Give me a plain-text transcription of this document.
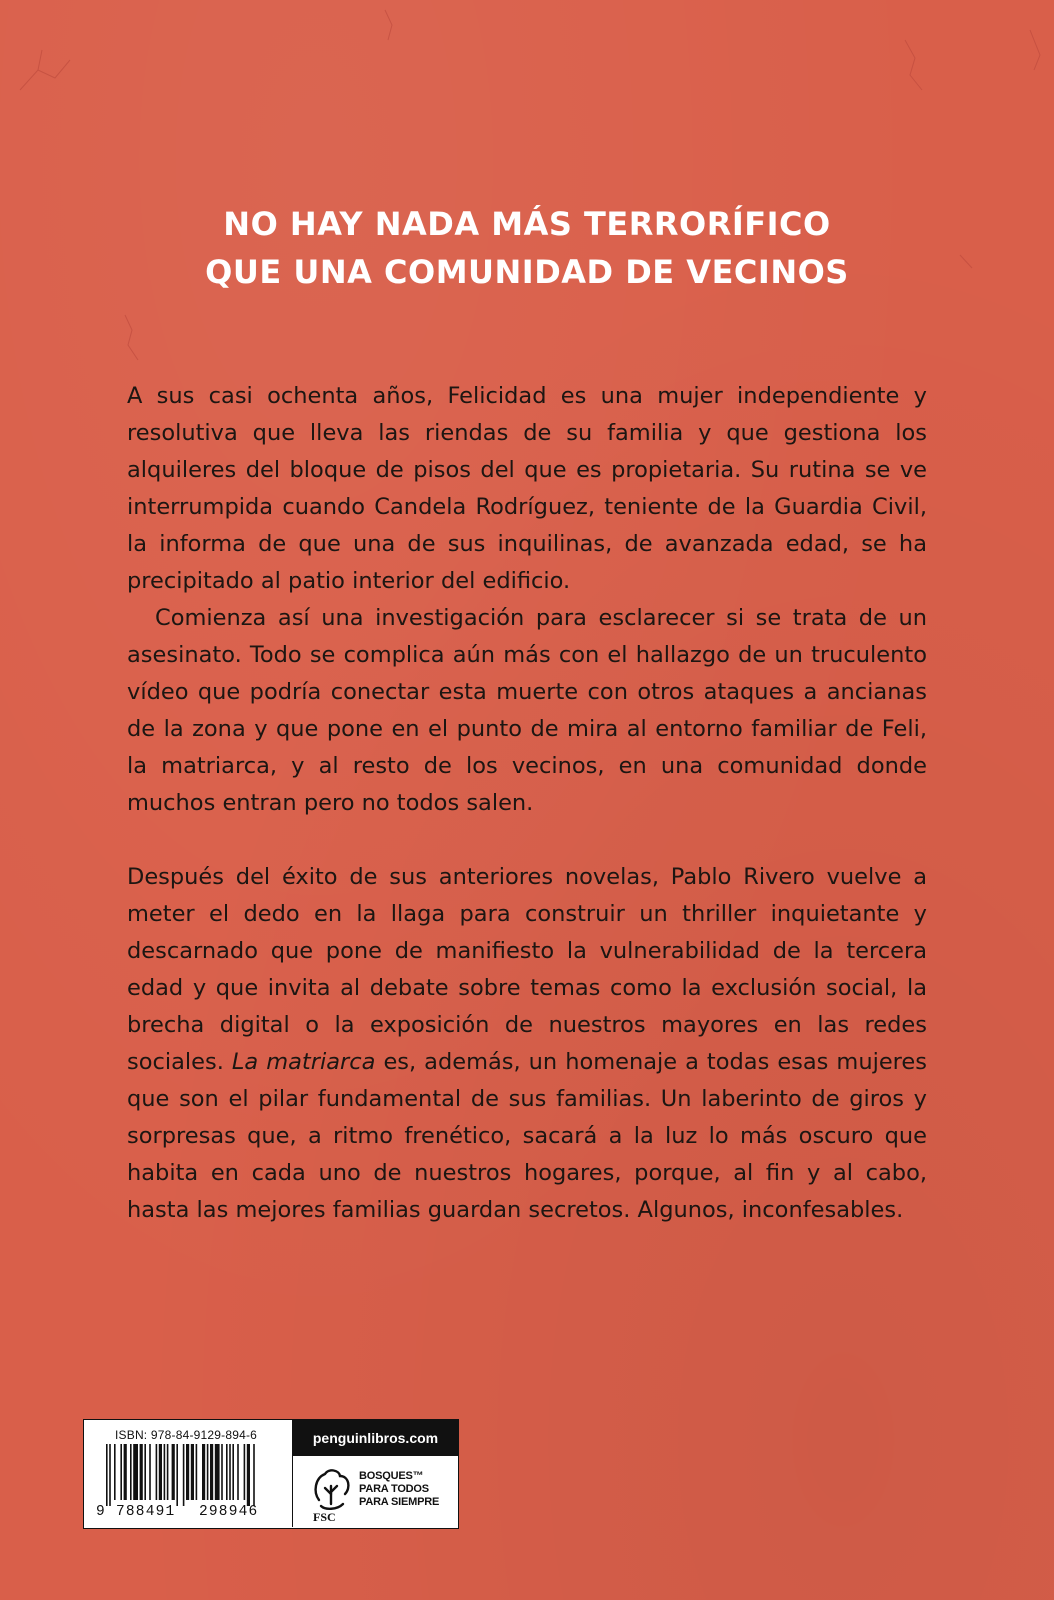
NO HAY NADA MÁS TERRORÍFICO
QUE UNA COMUNIDAD DE VECINOS

A sus casi ochenta años, Felicidad es una mujer independiente y resolutiva que lleva las riendas de su familia y que gestiona los alquileres del bloque de pisos del que es propietaria. Su rutina se ve interrumpida cuando Candela Rodríguez, teniente de la Guardia Civil, la informa de que una de sus inquilinas, de avanzada edad, se ha precipitado al patio interior del edificio.

Comienza así una investigación para esclarecer si se trata de un asesinato. Todo se complica aún más con el hallazgo de un truculento vídeo que podría conectar esta muerte con otros ataques a ancianas de la zona y que pone en el punto de mira al entorno familiar de Feli, la matriarca, y al resto de los vecinos, en una comunidad donde muchos entran pero no todos salen.

Después del éxito de sus anteriores novelas, Pablo Rivero vuelve a meter el dedo en la llaga para construir un thriller inquietante y descarnado que pone de manifiesto la vulnerabilidad de la tercera edad y que invita al debate sobre temas como la exclusión social, la brecha digital o la exposición de nuestros mayores en las redes sociales. La matriarca es, además, un homenaje a todas esas mujeres que son el pilar fundamental de sus familias. Un laberinto de giros y sorpresas que, a ritmo frenético, sacará a la luz lo más oscuro que habita en cada uno de nuestros hogares, porque, al fin y al cabo, hasta las mejores familias guardan secretos. Algunos, inconfesables.

ISBN: 978-84-9129-894-6
9 788491 298946
penguinlibros.com
FSC
BOSQUES™
PARA TODOS
PARA SIEMPRE
